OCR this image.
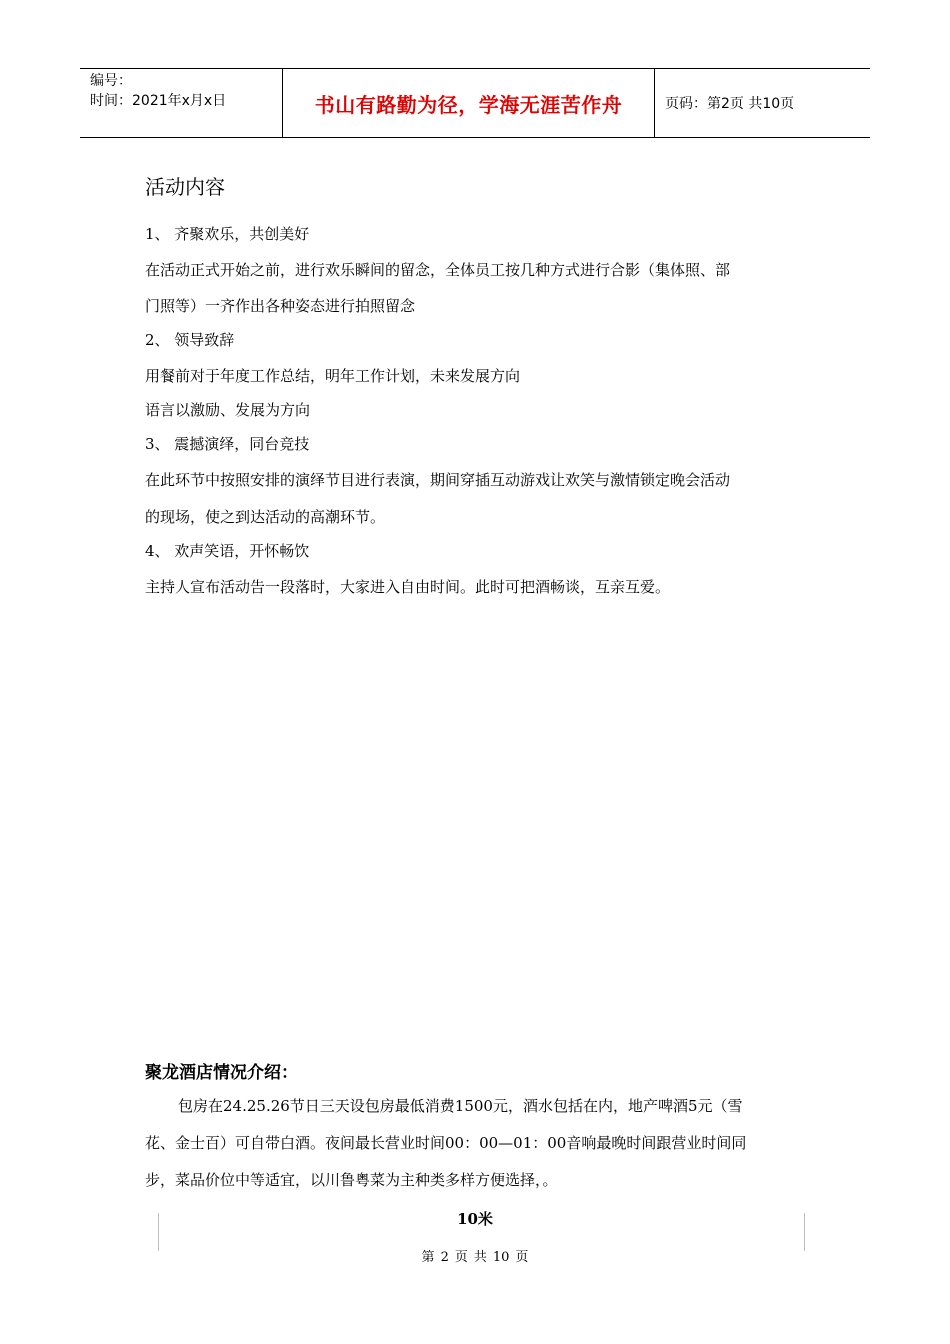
编号：
时间：2021年x月x日	书山有路勤为径，学海无涯苦作舟	页码：第2页 共10页
活动内容
1、 齐聚欢乐，共创美好
在活动正式开始之前，进行欢乐瞬间的留念，全体员工按几种方式进行合影（集体照、部
门照等）一齐作出各种姿态进行拍照留念
2、 领导致辞
用餐前对于年度工作总结，明年工作计划，未来发展方向
语言以激励、发展为方向
3、 震撼演绎，同台竞技
在此环节中按照安排的演绎节目进行表演，期间穿插互动游戏让欢笑与激情锁定晚会活动
的现场，使之到达活动的高潮环节。
4、 欢声笑语，开怀畅饮
主持人宣布活动告一段落时，大家进入自由时间。此时可把酒畅谈，互亲互爱。
聚龙酒店情况介绍：
包房在24.25.26节日三天设包房最低消费1500元，酒水包括在内，地产啤酒5元（雪
花、金士百）可自带白酒。夜间最长营业时间00：00—01：00音响最晚时间跟营业时间同
步，菜品价位中等适宜，以川鲁粤菜为主种类多样方便选择，。
10米
第 2 页 共 10 页
